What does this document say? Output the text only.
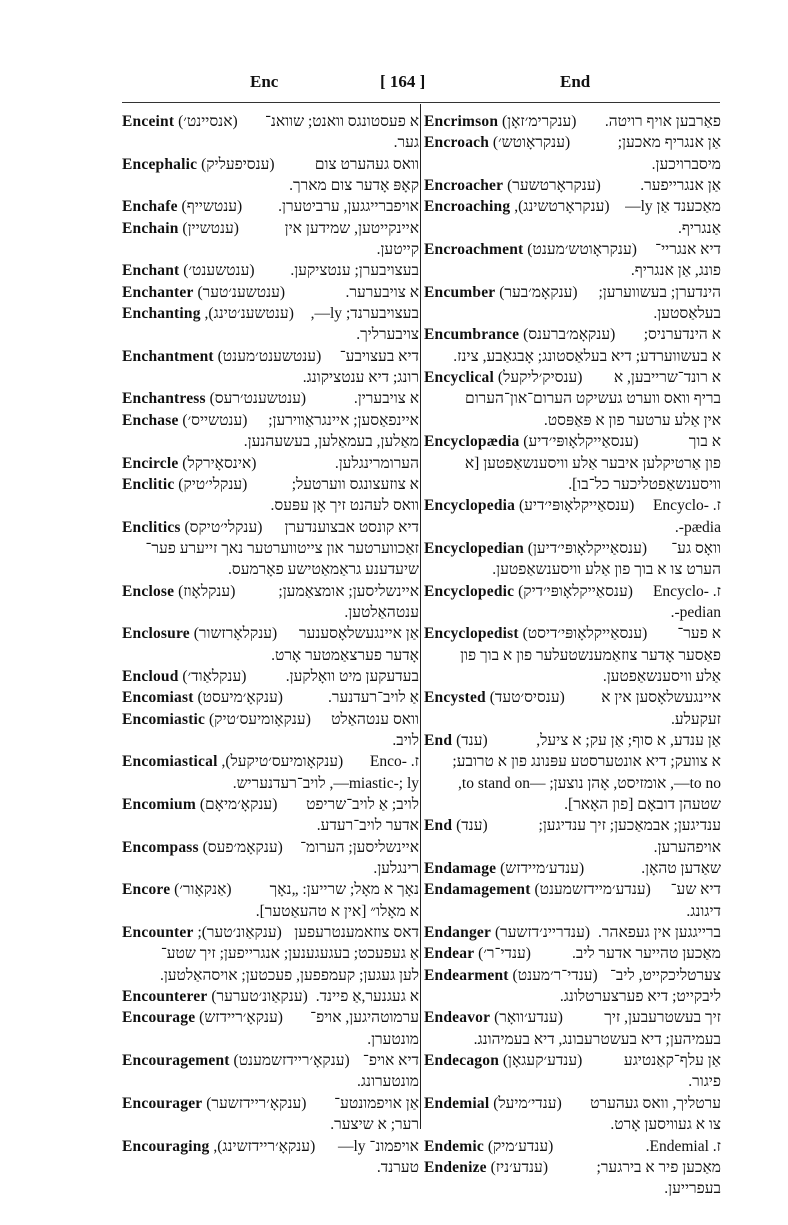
Enc	[ 164 ]	End
Enceint (אנסיינט׳) א פעסטונגס וואנט; שוואנ־
גער.
Encephalic (ענסיפעליק)	וואס געהערט צום
קאָפּ אָדער צום מארך.
Enchafe (ענטשייף) אויפברייגגען, ערביטערן.
Enchain (ענטשיין)	איינקייטען, שמידען אין
קייטען.
Enchant (ענטשענט׳) בעצויבערן; ענטציקען.
Enchanter (ענטשענ׳טער)	א צויבערער.
Enchanting (ענטשענ׳טינג), בעצויבערנד; ly—,
צויבערליך.
Enchantment (ענטשענט׳מענט) דיא בעצויבע־
רונג; דיא ענטציקונג.
Enchantress (ענטשענט׳רעס)	א צויבערין.
Enchase (ענטשייס׳) איינפאַסען; איינגראַווירען;
מאַלען, בעמאַלען, בעשעהנען.
Encircle (אינסאָירקל)	הערומרינגלען.
Enclitic (ענקלי׳טיק)	א צוזעצונגס ווערטעל;
וואס לעהנט זיך אָן עפּעס.
Enclitics (ענקלי׳טיקס) דיא קונסט אבצוענדערן
זאַכווערטער און צייטווערטער נאך זייערע פער־
שיעדענע גראַמאַטישע פאָרמעס.
Enclose (ענקלאָוז)	איינשליסען; אומצאַמען;
ענטהאַלטען.
Enclosure (ענקלאָרזשור) אַן איינגעשלאָסענער
אָדער פערצאַמטער אָרט.
Encloud (ענקלאַוד׳)	בעדעקען מיט וואָלקען.
Encomiast (ענקאָ׳מיעסט)	אַ לויב־רעדנער.
Encomiastic (ענקאָומיעס׳טיק) וואס ענטהאַלט
לויב.
Encomiastical (ענקאָומיעס׳טיקעל), ז. -Enco
miastic-; ly—, לויב־רעדנעריש.
Encomium (ענקאָ׳מיאָם) לויב; אַ לויב־שריפט
אדער לויב־רעדע.
Encompass (ענקאָמ׳פעס) איינשליסען; הערומ־
רינגלען.
Encore (אַנקאָור׳) נאָך א מאָל; שרייען: „נאָך
א מאָלו״ [אין א טהעאַטער].
Encounter (ענקאַונ׳טער); דאס צוזאמענטרעפען
אַ געפעכט; בעגעגענען; אנגרייפען; זיך שטע־
לען געגען; קעמפפען, פעכטען; אויסהאַלטען.
Encounterer (ענקאַונ׳טערער) א געגנער,אַ פיינד.
Encourage (ענקאָ׳ריידזש) ערמוטהיגען, אויפ־
מונטערן.
Encouragement (ענקאָ׳ריידזשמענט) דיא אויפ־
מונטערונג.
Encourager (ענקאָ׳ריידזשער) אַן אויפמונטע־
רער; א שיצער.
Encouraging (ענקאָ׳ריידזשינג), אויפמונ־ ly—
טערנד.
Encrimson (ענקרימ׳זאָן) פאַרבען אויף רויטה.
Encroach (ענקראָוטש׳)	אַן אנגריף מאכען;
מיסברויכען.
Encroacher (ענקראָרטשער)	אַן אנגרייפער.
Encroaching (ענקראָרטשינג), מאַכענד אַן ly—
אַנגריף.
Encroachment (ענקראָוטש׳מענט) דיא אנגריי־
פונג, אַן אנגריף.
Encumber (ענקאָמ׳בער) הינדערן; בעשווערען;
בעלאַסטען.
Encumbrance (ענקאָמ׳ברענס) א הינדערניס;
א בעשווערדע; דיא בעלאַסטונג; אָבגאַבע, צינז.
Encyclical (ענסיק׳ליקעל) א רונד־שרייבען, א
בריף וואס ווערט געשיקט הערום־און־הערום
אין אַלע ערטער פון א פּאַפּסט.
Encyclopædia (ענסאַייקלאָופּי׳דיע)	א בוך
פון אַרטיקלען איבער אַלע וויסענשאַפטען [א
וויסענשאַפטליכער כל־בו].
Encyclopedia (ענסאַייקלאָופּי׳דיע) ז. -Encyclo
pædia-.
Encyclopedian (ענסאַייקלאָופּי׳דיען) וואָס גע־
הערט צו א בוך פון אַלע וויסענשאַפטען.
Encyclopedic (ענסאַייקלאָופּי׳דיק) ז. -Encyclo
pedian-.
Encyclopedist (ענסאַייקלאָופּי׳דיסט) א פער־
פאַסער אָדער צוזאַמענשטעלער פון א בוך פון
אַלע וויסענשאַפטען.
Encysted (ענסיס׳טעד) איינגעשלאָסען אין א
זעקעלע.
End (ענד)	אַן ענדע, א סוף; אַן עק; א ציעל,
א צוועק; דיא אונטערסטע עפּנונג פון א טרובע;
to no—, אומזיסט, אָהן נוצען; —to stand on,
שטעהן דובאָם [פון האָאר].
End (ענד)	ענדיגען; אבמאַכען; זיך ענדיגען;
אויפהערען.
Endamage (ענדע׳מיידזש)	שאַדען טהאָן.
Endamagement (ענדע׳מיידזשמענט) דיא שע־
דיגונג.
Endanger (ענדריינ׳דזשער) ברייגגען אין געפאהר.
Endear (ענדי־ר׳)	מאַכען טהייער אדער ליב.
Endearment (ענדי־ר׳מענט) צערטליכקייט, ליב־
ליבקייט; דיא פערצערטלונג.
Endeavor (ענדע׳וואָר)	זיך בעשטרעבען, זיך
בעמיהען; דיא בעשטרעבונג, דיא בעמיהונג.
Endecagon (ענדע׳קעגאָן)	אַן עלף־קאַנטיגע
פיגור.
Endemial (ענדי׳מיעל) ערטליך, וואס געהערט
צו א געוויסען אָרט.
Endemic (ענדע׳מיק)	ז. Endemial.
Endenize (ענדע׳ניז)	מאַכען פיר א בירגער;
בעפרייען.
